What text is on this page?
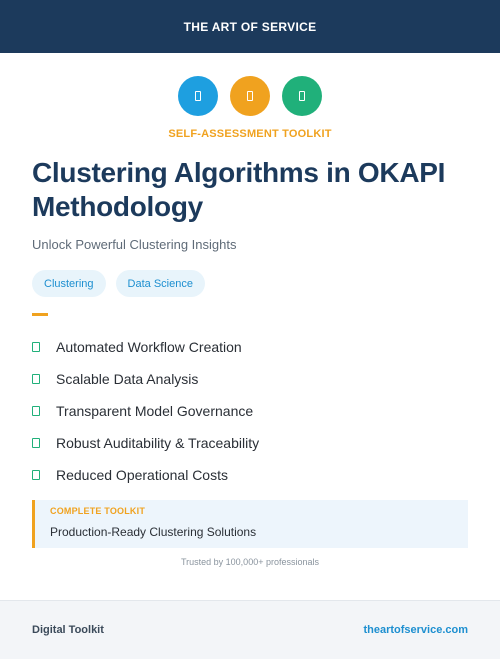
THE ART OF SERVICE
SELF-ASSESSMENT TOOLKIT
Clustering Algorithms in OKAPI Methodology
Unlock Powerful Clustering Insights
Clustering	Data Science
Automated Workflow Creation
Scalable Data Analysis
Transparent Model Governance
Robust Auditability & Traceability
Reduced Operational Costs
COMPLETE TOOLKIT
Production-Ready Clustering Solutions
Trusted by 100,000+ professionals
Digital Toolkit	theartofservice.com
